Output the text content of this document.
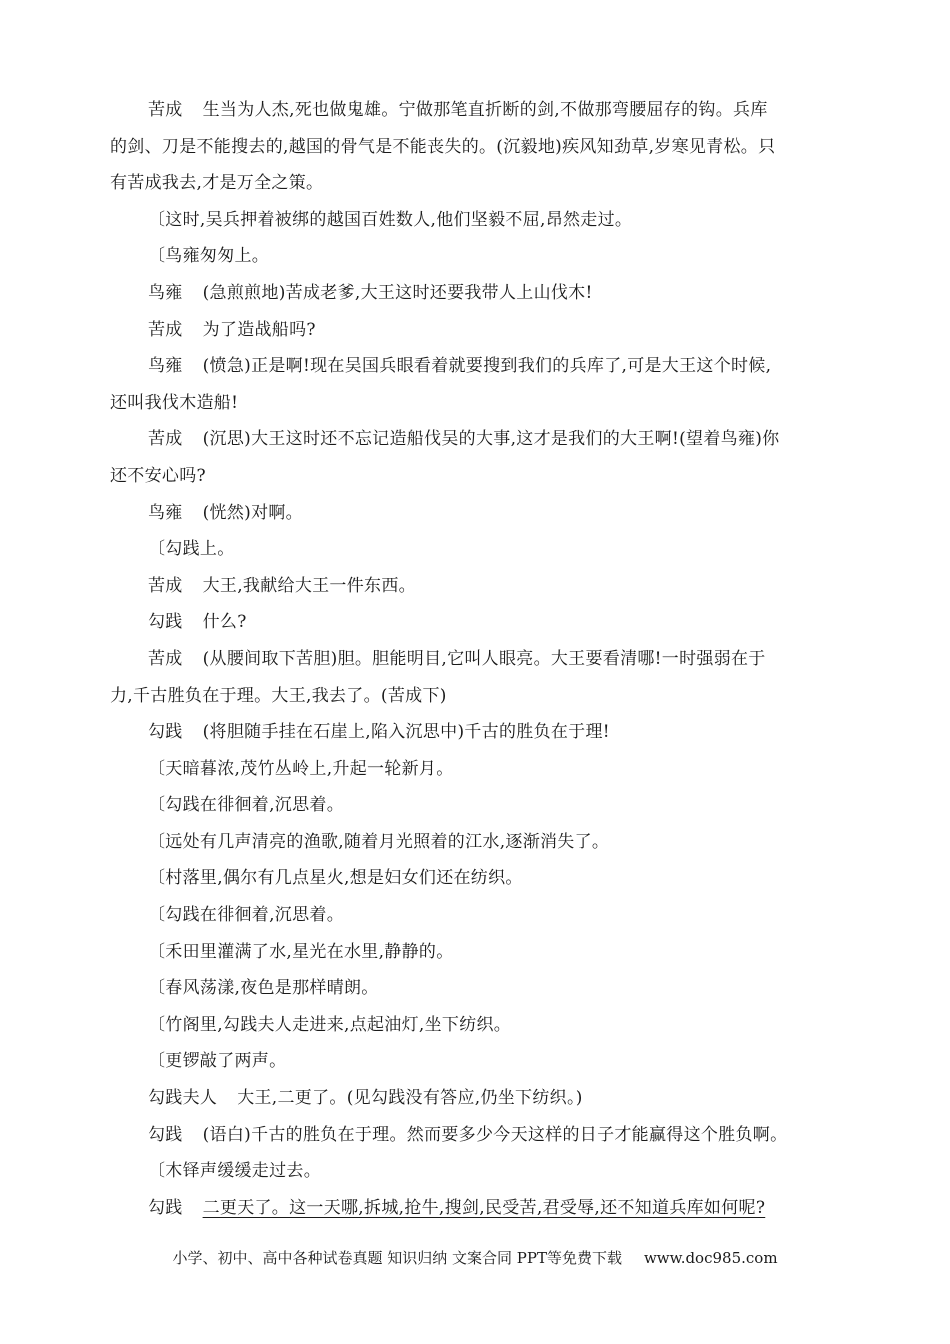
苦成 生当为人杰,死也做鬼雄。宁做那笔直折断的剑,不做那弯腰屈存的钩。兵库
的剑、刀是不能搜去的,越国的骨气是不能丧失的。(沉毅地)疾风知劲草,岁寒见青松。只
有苦成我去,才是万全之策。
〔这时,吴兵押着被绑的越国百姓数人,他们坚毅不屈,昂然走过。
〔鸟雍匆匆上。
鸟雍 (急煎煎地)苦成老爹,大王这时还要我带人上山伐木!
苦成 为了造战船吗?
鸟雍 (愤急)正是啊!现在吴国兵眼看着就要搜到我们的兵库了,可是大王这个时候,
还叫我伐木造船!
苦成 (沉思)大王这时还不忘记造船伐吴的大事,这才是我们的大王啊!(望着鸟雍)你
还不安心吗?
鸟雍 (恍然)对啊。
〔勾践上。
苦成 大王,我献给大王一件东西。
勾践 什么?
苦成 (从腰间取下苦胆)胆。胆能明目,它叫人眼亮。大王要看清哪!一时强弱在于
力,千古胜负在于理。大王,我去了。(苦成下)
勾践 (将胆随手挂在石崖上,陷入沉思中)千古的胜负在于理!
〔天暗暮浓,茂竹丛岭上,升起一轮新月。
〔勾践在徘徊着,沉思着。
〔远处有几声清亮的渔歌,随着月光照着的江水,逐渐消失了。
〔村落里,偶尔有几点星火,想是妇女们还在纺织。
〔勾践在徘徊着,沉思着。
〔禾田里灌满了水,星光在水里,静静的。
〔春风荡漾,夜色是那样晴朗。
〔竹阁里,勾践夫人走进来,点起油灯,坐下纺织。
〔更锣敲了两声。
勾践夫人 大王,二更了。(见勾践没有答应,仍坐下纺织。)
勾践 (语白)千古的胜负在于理。然而要多少今天这样的日子才能赢得这个胜负啊。
〔木铎声缓缓走过去。
勾践 二更天了。这一天哪,拆城,抢牛,搜剑,民受苦,君受辱,还不知道兵库如何呢?
小学、初中、高中各种试卷真题 知识归纳 文案合同 PPT等免费下载 www.doc985.com
